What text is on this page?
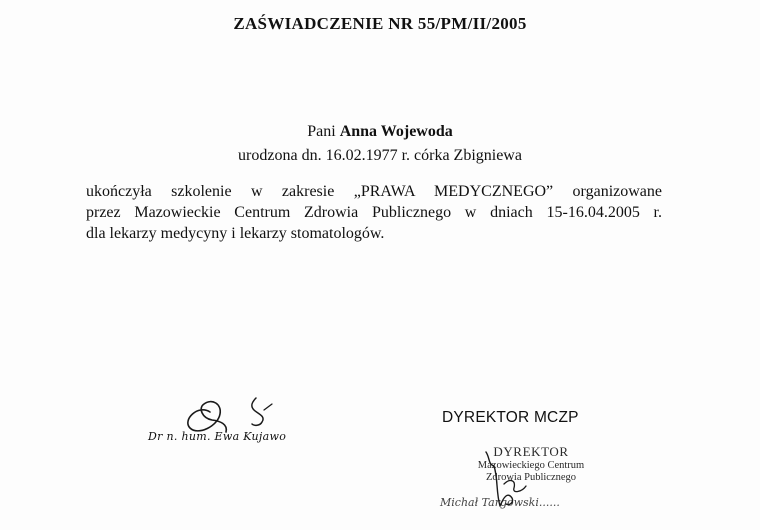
ZAŚWIADCZENIE NR 55/PM/II/2005
Pani Anna Wojewoda
urodzona dn. 16.02.1977 r. córka Zbigniewa
ukończyła szkolenie w zakresie „PRAWA MEDYCZNEGO” organizowane
przez Mazowieckie Centrum Zdrowia Publicznego w dniach 15-16.04.2005 r.
dla lekarzy medycyny i lekarzy stomatologów.
Dr n. hum. Ewa Kujawo
DYREKTOR MCZP
DYREKTOR
Mazowieckiego Centrum
Zdrowia Publicznego
Michał Targowski......
